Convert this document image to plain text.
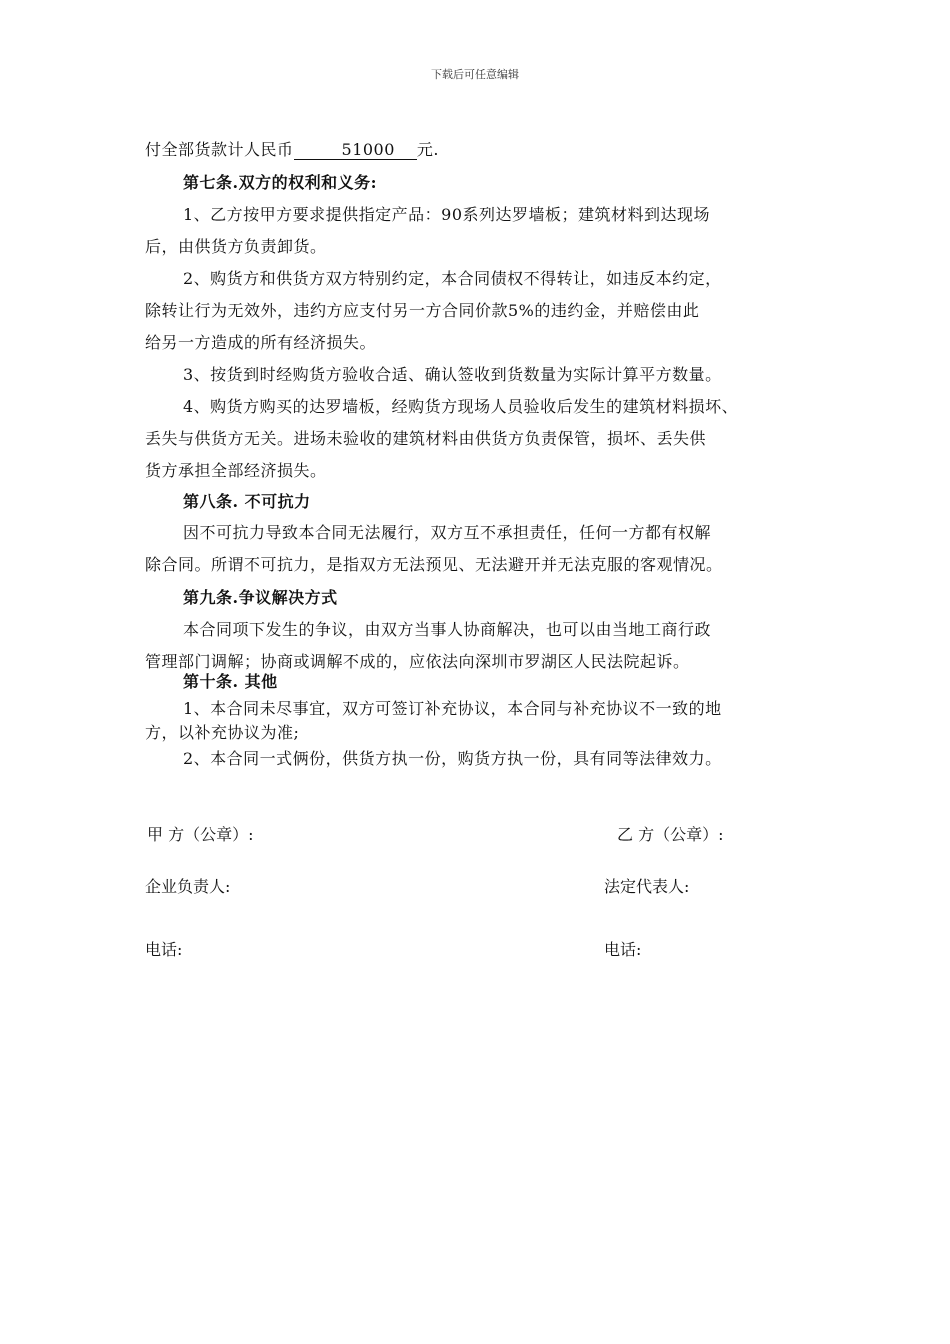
下载后可任意编辑
付全部货款计人民币	51000 元.
第七条.双方的权利和义务:
1、乙方按甲方要求提供指定产品：90系列达罗墙板；建筑材料到达现场
后，由供货方负责卸货。
2、购货方和供货方双方特别约定，本合同债权不得转让，如违反本约定，
除转让行为无效外，违约方应支付另一方合同价款5%的违约金，并赔偿由此
给另一方造成的所有经济损失。
3、按货到时经购货方验收合适、确认签收到货数量为实际计算平方数量。
4、购货方购买的达罗墙板，经购货方现场人员验收后发生的建筑材料损坏、
丢失与供货方无关。进场未验收的建筑材料由供货方负责保管，损坏、丢失供
货方承担全部经济损失。
第八条. 不可抗力
因不可抗力导致本合同无法履行，双方互不承担责任，任何一方都有权解
除合同。所谓不可抗力，是指双方无法预见、无法避开并无法克服的客观情况。
第九条.争议解决方式
本合同项下发生的争议，由双方当事人协商解决，也可以由当地工商行政
管理部门调解；协商或调解不成的，应依法向深圳市罗湖区人民法院起诉。
第十条. 其他
1、本合同未尽事宜，双方可签订补充协议，本合同与补充协议不一致的地
方，以补充协议为准;
2、本合同一式俩份，供货方执一份，购货方执一份，具有同等法律效力。
甲 方（公章）:	乙 方（公章）:
企业负责人:	法定代表人:
电话:	电话:
